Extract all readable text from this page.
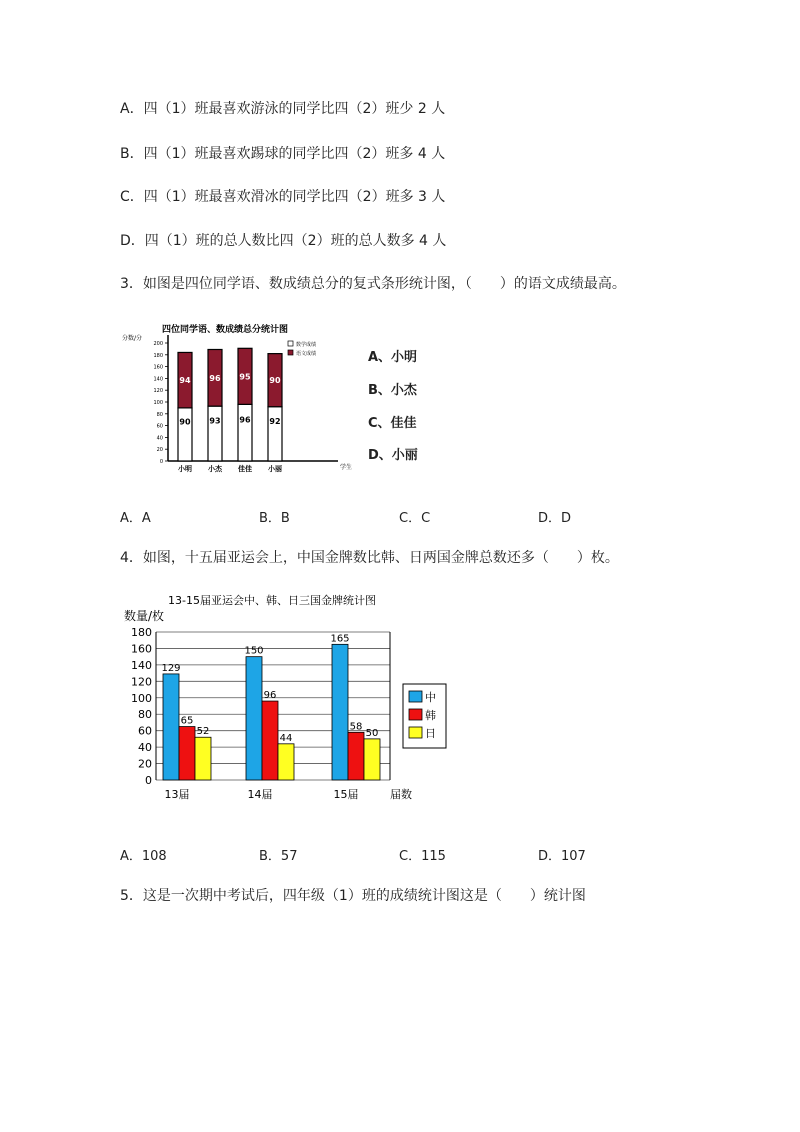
A．四（1）班最喜欢游泳的同学比四（2）班少 2 人
B．四（1）班最喜欢踢球的同学比四（2）班多 4 人
C．四（1）班最喜欢滑冰的同学比四（2）班多 3 人
D．四（1）班的总人数比四（2）班的总人数多 4 人
3．如图是四位同学语、数成绩总分的复式条形统计图，（　　）的语文成绩最高。
四位同学语、数成绩总分统计图
分数/分
学生
0
20
40
60
80
100
120
140
160
180
200
90
94
小明
93
96
小杰
96
95
佳佳
92
90
小丽
数学成绩
语文成绩	A、小明
B、小杰
C、佳佳
D、小丽
A．A	B．B	C．C	D．D
4．如图，十五届亚运会上，中国金牌数比韩、日两国金牌总数还多（　　）枚。
13-15届亚运会中、韩、日三国金牌统计图
数量/枚
0
20
40
60
80
100
120
140
160
180
129
65
52
13届
150
96
44
14届
165
58
50
15届	届数
中
韩
日
A．108	B．57	C．115	D．107
5．这是一次期中考试后，四年级（1）班的成绩统计图这是（　　）统计图
